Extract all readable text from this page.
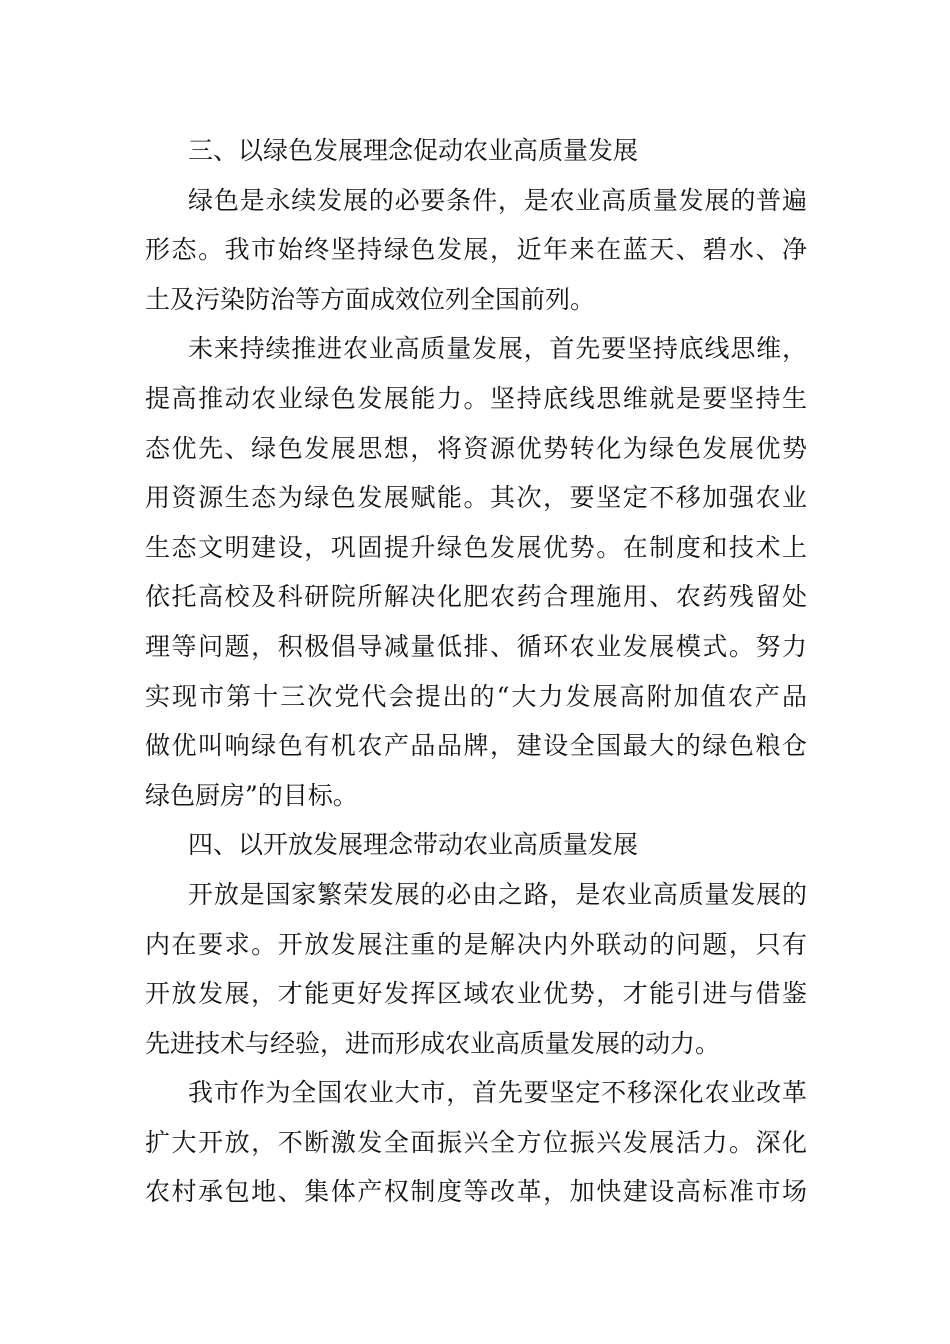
三、以绿色发展理念促动农业高质量发展
绿色是永续发展的必要条件，是农业高质量发展的普遍
形态。我市始终坚持绿色发展，近年来在蓝天、碧水、净
土及污染防治等方面成效位列全国前列。
未来持续推进农业高质量发展，首先要坚持底线思维，
提高推动农业绿色发展能力。坚持底线思维就是要坚持生
态优先、绿色发展思想，将资源优势转化为绿色发展优势
用资源生态为绿色发展赋能。其次，要坚定不移加强农业
生态文明建设，巩固提升绿色发展优势。在制度和技术上
依托高校及科研院所解决化肥农药合理施用、农药残留处
理等问题，积极倡导减量低排、循环农业发展模式。努力
实现市第十三次党代会提出的“大力发展高附加值农产品
做优叫响绿色有机农产品品牌，建设全国最大的绿色粮仓
绿色厨房”的目标。
四、以开放发展理念带动农业高质量发展
开放是国家繁荣发展的必由之路，是农业高质量发展的
内在要求。开放发展注重的是解决内外联动的问题，只有
开放发展，才能更好发挥区域农业优势，才能引进与借鉴
先进技术与经验，进而形成农业高质量发展的动力。
我市作为全国农业大市，首先要坚定不移深化农业改革
扩大开放，不断激发全面振兴全方位振兴发展活力。深化
农村承包地、集体产权制度等改革，加快建设高标准市场
